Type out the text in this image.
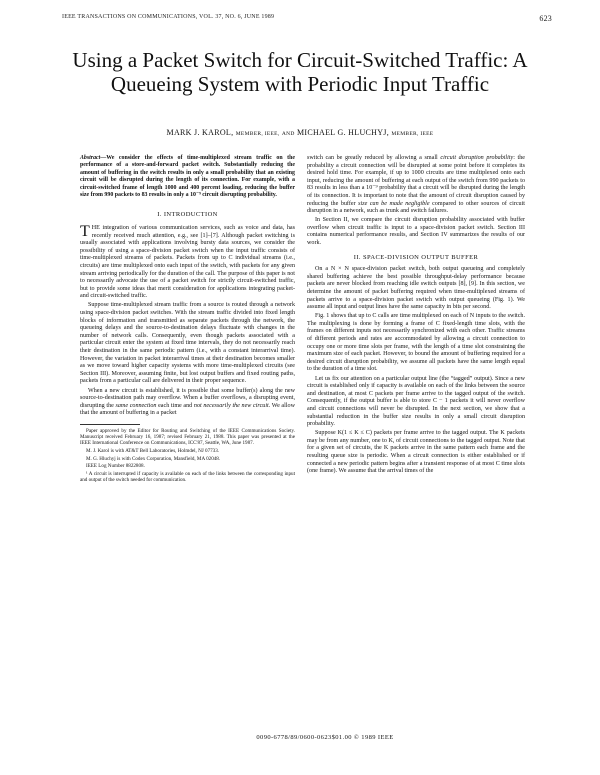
IEEE TRANSACTIONS ON COMMUNICATIONS, VOL. 37, NO. 6, JUNE 1989	623
Using a Packet Switch for Circuit-Switched Traffic: A Queueing System with Periodic Input Traffic
MARK J. KAROL, MEMBER, IEEE, AND MICHAEL G. HLUCHYJ, MEMBER, IEEE

Abstract—We consider the effects of time-multiplexed stream traffic on the performance of a store-and-forward packet switch. Substantially reducing the amount of buffering in the switch results in only a small probability that an existing circuit will be disrupted during the length of its connection. For example, with a circuit-switched frame of length 1000 and 400 percent loading, reducing the buffer size from 990 packets to 83 results in only a 10⁻⁹ circuit disrupting probability.

I. INTRODUCTION

THE integration of various communication services, such as voice and data, has recently received much attention, e.g., see [1]–[7]. Although packet switching is usually associated with applications involving bursty data sources, we consider the possibility of using a space-division packet switch when the input traffic consists of time-multiplexed streams of packets. Packets from up to C individual streams (i.e., circuits) are time multiplexed onto each input of the switch, with packets for any given stream arriving periodically for the duration of the call. The purpose of this paper is not to necessarily advocate the use of a packet switch for strictly circuit-switched traffic, but to provide some ideas that merit consideration for applications integrating packet- and circuit-switched traffic.

Suppose time-multiplexed stream traffic from a source is routed through a network using space-division packet switches. With the stream traffic divided into fixed length blocks of information and transmitted as separate packets through the network, the queueing delays and the source-to-destination delays fluctuate with changes in the number of network calls. Consequently, even though packets associated with a particular circuit enter the system at fixed time intervals, they do not necessarily reach their destination in the same periodic pattern (i.e., with a constant interarrival time). However, the variation in packet interarrival times at their destination becomes smaller as we move toward higher capacity systems with more time-multiplexed circuits (see Section III). Moreover, assuming finite, but lost output buffers and fixed routing paths, packets from a particular call are delivered in their proper sequence.

When a new circuit is established, it is possible that some buffer(s) along the new source-to-destination path may overflow. When a buffer overflows, a disrupting event, disrupting the same connection each time and not necessarily the new circuit. We allow that the amount of buffering in a packet

Paper approved by the Editor for Routing and Switching of the IEEE Communications Society. Manuscript received February 16, 1987; revised February 21, 1988. This paper was presented at the IEEE International Conference on Communications, ICC'87, Seattle, WA, June 1987.

M. J. Karol is with AT&T Bell Laboratories, Holmdel, NJ 07733.

M. G. Hluchyj is with Codex Corporation, Mansfield, MA 02048.

IEEE Log Number 8822808.

¹ A circuit is interrupted if capacity is available on each of the links between the corresponding input and output of the switch needed for communication.

switch can be greatly reduced by allowing a small circuit disruption probability: the probability a circuit connection will be disrupted at some point before it completes its desired hold time. For example, if up to 1000 circuits are time multiplexed onto each input, reducing the amount of buffering at each output of the switch from 990 packets to 83 results in less than a 10⁻⁹ probability that a circuit will be disrupted during the length of its connection. It is important to note that the amount of circuit disruption caused by reducing the buffer size can be made negligible compared to other sources of circuit disruption in a network, such as trunk and switch failures.

In Section II, we compare the circuit disruption probability associated with buffer overflow when circuit traffic is input to a space-division packet switch. Section III contains numerical performance results, and Section IV summarizes the results of our work.

II. SPACE-DIVISION OUTPUT BUFFER

On a N × N space-division packet switch, both output queueing and completely shared buffering achieve the best possible throughput-delay performance because packets are never blocked from reaching idle switch outputs [8], [9]. In this section, we determine the amount of packet buffering required when time-multiplexed streams of packets arrive to a space-division packet switch with output queueing (Fig. 1). We assume all input and output lines have the same capacity in bits per second.

Fig. 1 shows that up to C calls are time multiplexed on each of N inputs to the switch. The multiplexing is done by forming a frame of C fixed-length time slots, with the frames on different inputs not necessarily synchronized with each other. Traffic streams of different periods and rates are accommodated by allowing a circuit connection to occupy one or more time slots per frame, with the length of a time slot constraining the maximum size of each packet. However, to bound the amount of buffering required for a desired circuit disruption probability, we assume all packets have the same length equal to the duration of a time slot.

Let us fix our attention on a particular output line (the “tagged” output). Since a new circuit is established only if capacity is available on each of the links between the source and destination, at most C packets per frame arrive to the tagged output of the switch. Consequently, if the output buffer is able to store C − 1 packets it will never overflow and circuit connections will never be disrupted. In the next section, we show that a substantial reduction in the buffer size results in only a small circuit disruption probability.

Suppose K(1 ≤ K ≤ C) packets per frame arrive to the tagged output. The K packets may be from any number, one to K, of circuit connections to the tagged output. Note that for a given set of circuits, the K packets arrive in the same pattern each frame and the resulting queue size is periodic. When a circuit connection is either established or if connected a new periodic pattern begins after a transient response of at most C time slots (one frame). We assume that the arrival times of the

0090-6778/89/0600-0623$01.00 © 1989 IEEE
